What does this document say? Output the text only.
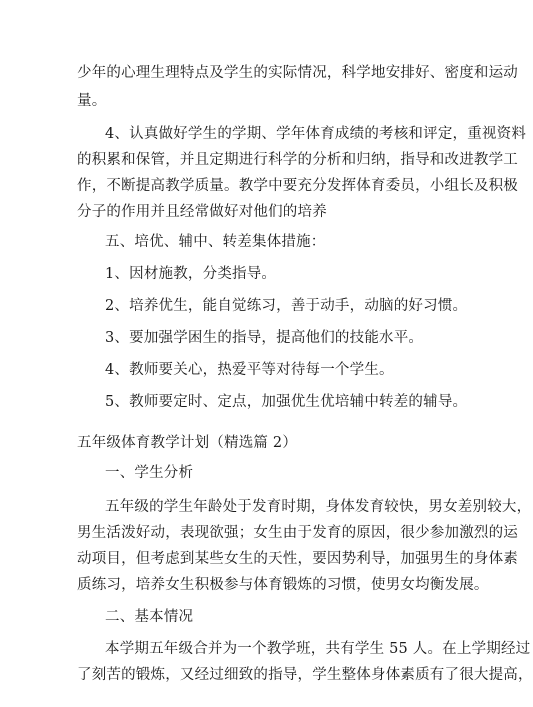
少年的心理生理特点及学生的实际情况，科学地安排好、密度和运动
量。
4、认真做好学生的学期、学年体育成绩的考核和评定，重视资料
的积累和保管，并且定期进行科学的分析和归纳，指导和改进教学工
作，不断提高教学质量。教学中要充分发挥体育委员，小组长及积极
分子的作用并且经常做好对他们的培养
五、培优、辅中、转差集体措施：
1、因材施教，分类指导。
2、培养优生，能自觉练习，善于动手，动脑的好习惯。
3、要加强学困生的指导，提高他们的技能水平。
4、教师要关心，热爱平等对待每一个学生。
5、教师要定时、定点，加强优生优培辅中转差的辅导。
五年级体育教学计划（精选篇 2）
一、学生分析
五年级的学生年龄处于发育时期，身体发育较快，男女差别较大，
男生活泼好动，表现欲强；女生由于发育的原因，很少参加激烈的运
动项目，但考虑到某些女生的天性，要因势利导，加强男生的身体素
质练习，培养女生积极参与体育锻炼的习惯，使男女均衡发展。
二、基本情况
本学期五年级合并为一个教学班，共有学生 55 人。在上学期经过
了刻苦的锻炼，又经过细致的指导，学生整体身体素质有了很大提高，
